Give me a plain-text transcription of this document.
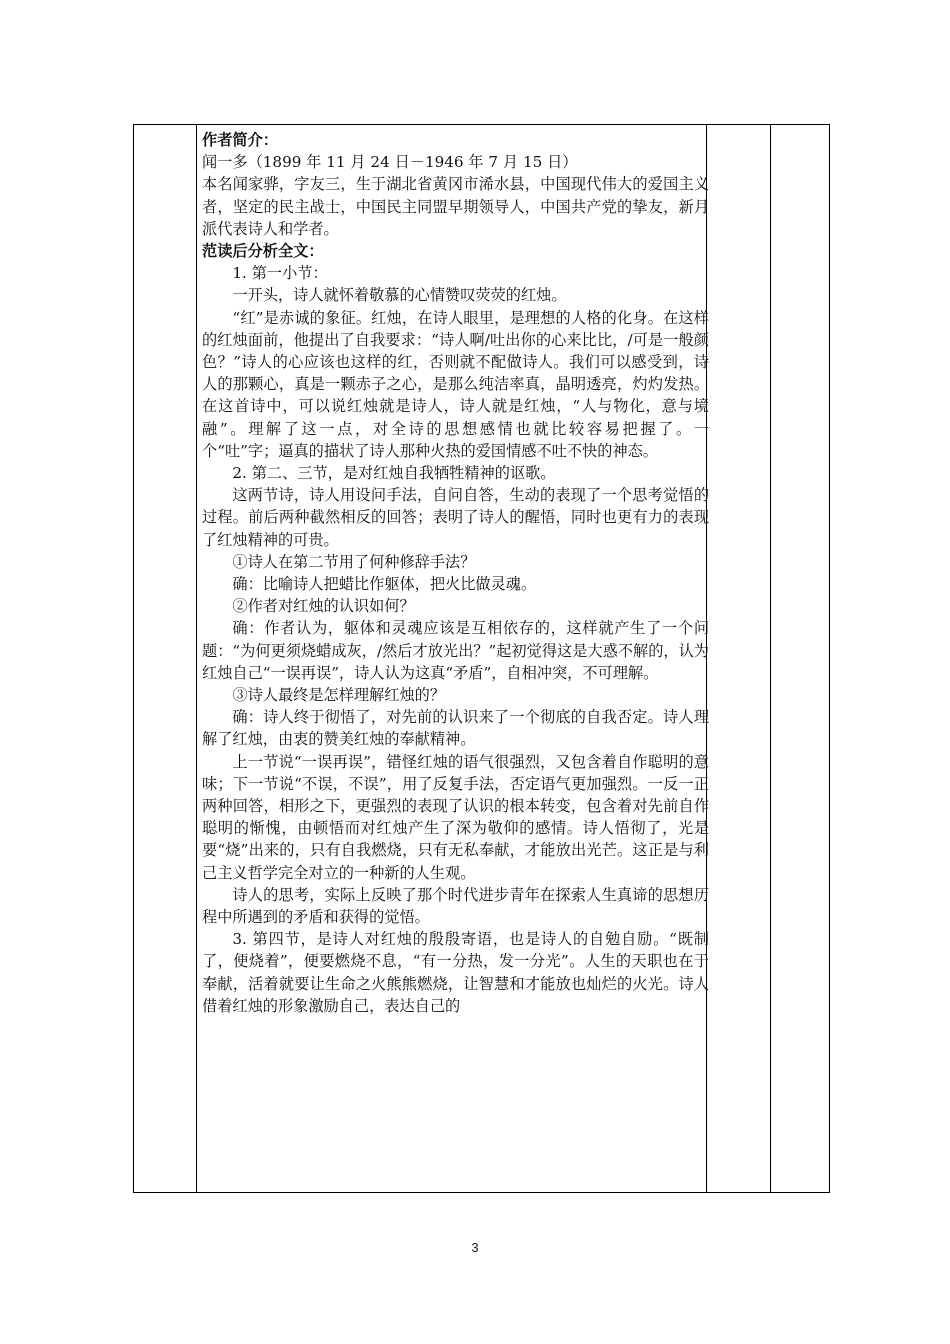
作者简介：
闻一多（1899 年 11 月 24 日－1946 年 7 月 15 日）

本名闻家骅，字友三，生于湖北省黄冈市浠水县，中国现代伟大的爱国主义者，坚定的民主战士，中国民主同盟早期领导人，中国共产党的挚友，新月派代表诗人和学者。

范读后分析全文：

1. 第一小节：

一开头，诗人就怀着敬慕的心情赞叹荧荧的红烛。

“红”是赤诚的象征。红烛，在诗人眼里，是理想的人格的化身。在这样的红烛面前，他提出了自我要求：“诗人啊/吐出你的心来比比，/可是一般颜色？”诗人的心应该也这样的红，否则就不配做诗人。我们可以感受到，诗人的那颗心，真是一颗赤子之心，是那么纯洁率真，晶明透亮，灼灼发热。在这首诗中，可以说红烛就是诗人，诗人就是红烛，“人与物化，意与境融”。理解了这一点，对全诗的思想感情也就比较容易把握了。一个“吐”字；逼真的描状了诗人那种火热的爱国情感不吐不快的神态。

2. 第二、三节，是对红烛自我牺牲精神的讴歌。

这两节诗，诗人用设问手法，自问自答，生动的表现了一个思考觉悟的过程。前后两种截然相反的回答；表明了诗人的醒悟，同时也更有力的表现了红烛精神的可贵。

①诗人在第二节用了何种修辞手法？

确：比喻诗人把蜡比作躯体，把火比做灵魂。

②作者对红烛的认识如何？

确：作者认为，躯体和灵魂应该是互相依存的，这样就产生了一个问题：“为何更须烧蜡成灰，/然后才放光出？”起初觉得这是大惑不解的，认为红烛自己“一误再误”，诗人认为这真“矛盾”，自相冲突，不可理解。

③诗人最终是怎样理解红烛的？

确：诗人终于彻悟了，对先前的认识来了一个彻底的自我否定。诗人理解了红烛，由衷的赞美红烛的奉献精神。

上一节说“一误再误”，错怪红烛的语气很强烈，又包含着自作聪明的意味；下一节说“不误，不误”，用了反复手法，否定语气更加强烈。一反一正两种回答，相形之下，更强烈的表现了认识的根本转变，包含着对先前自作聪明的惭愧，由顿悟而对红烛产生了深为敬仰的感情。诗人悟彻了，光是要“烧”出来的，只有自我燃烧，只有无私奉献，才能放出光芒。这正是与利己主义哲学完全对立的一种新的人生观。

诗人的思考，实际上反映了那个时代进步青年在探索人生真谛的思想历程中所遇到的矛盾和获得的觉悟。

3. 第四节，是诗人对红烛的殷殷寄语，也是诗人的自勉自励。“既制了，便烧着”，便要燃烧不息，“有一分热，发一分光”。人生的天职也在于奉献，活着就要让生命之火熊熊燃烧，让智慧和才能放也灿烂的火光。诗人借着红烛的形象激励自己，表达自己的

3
